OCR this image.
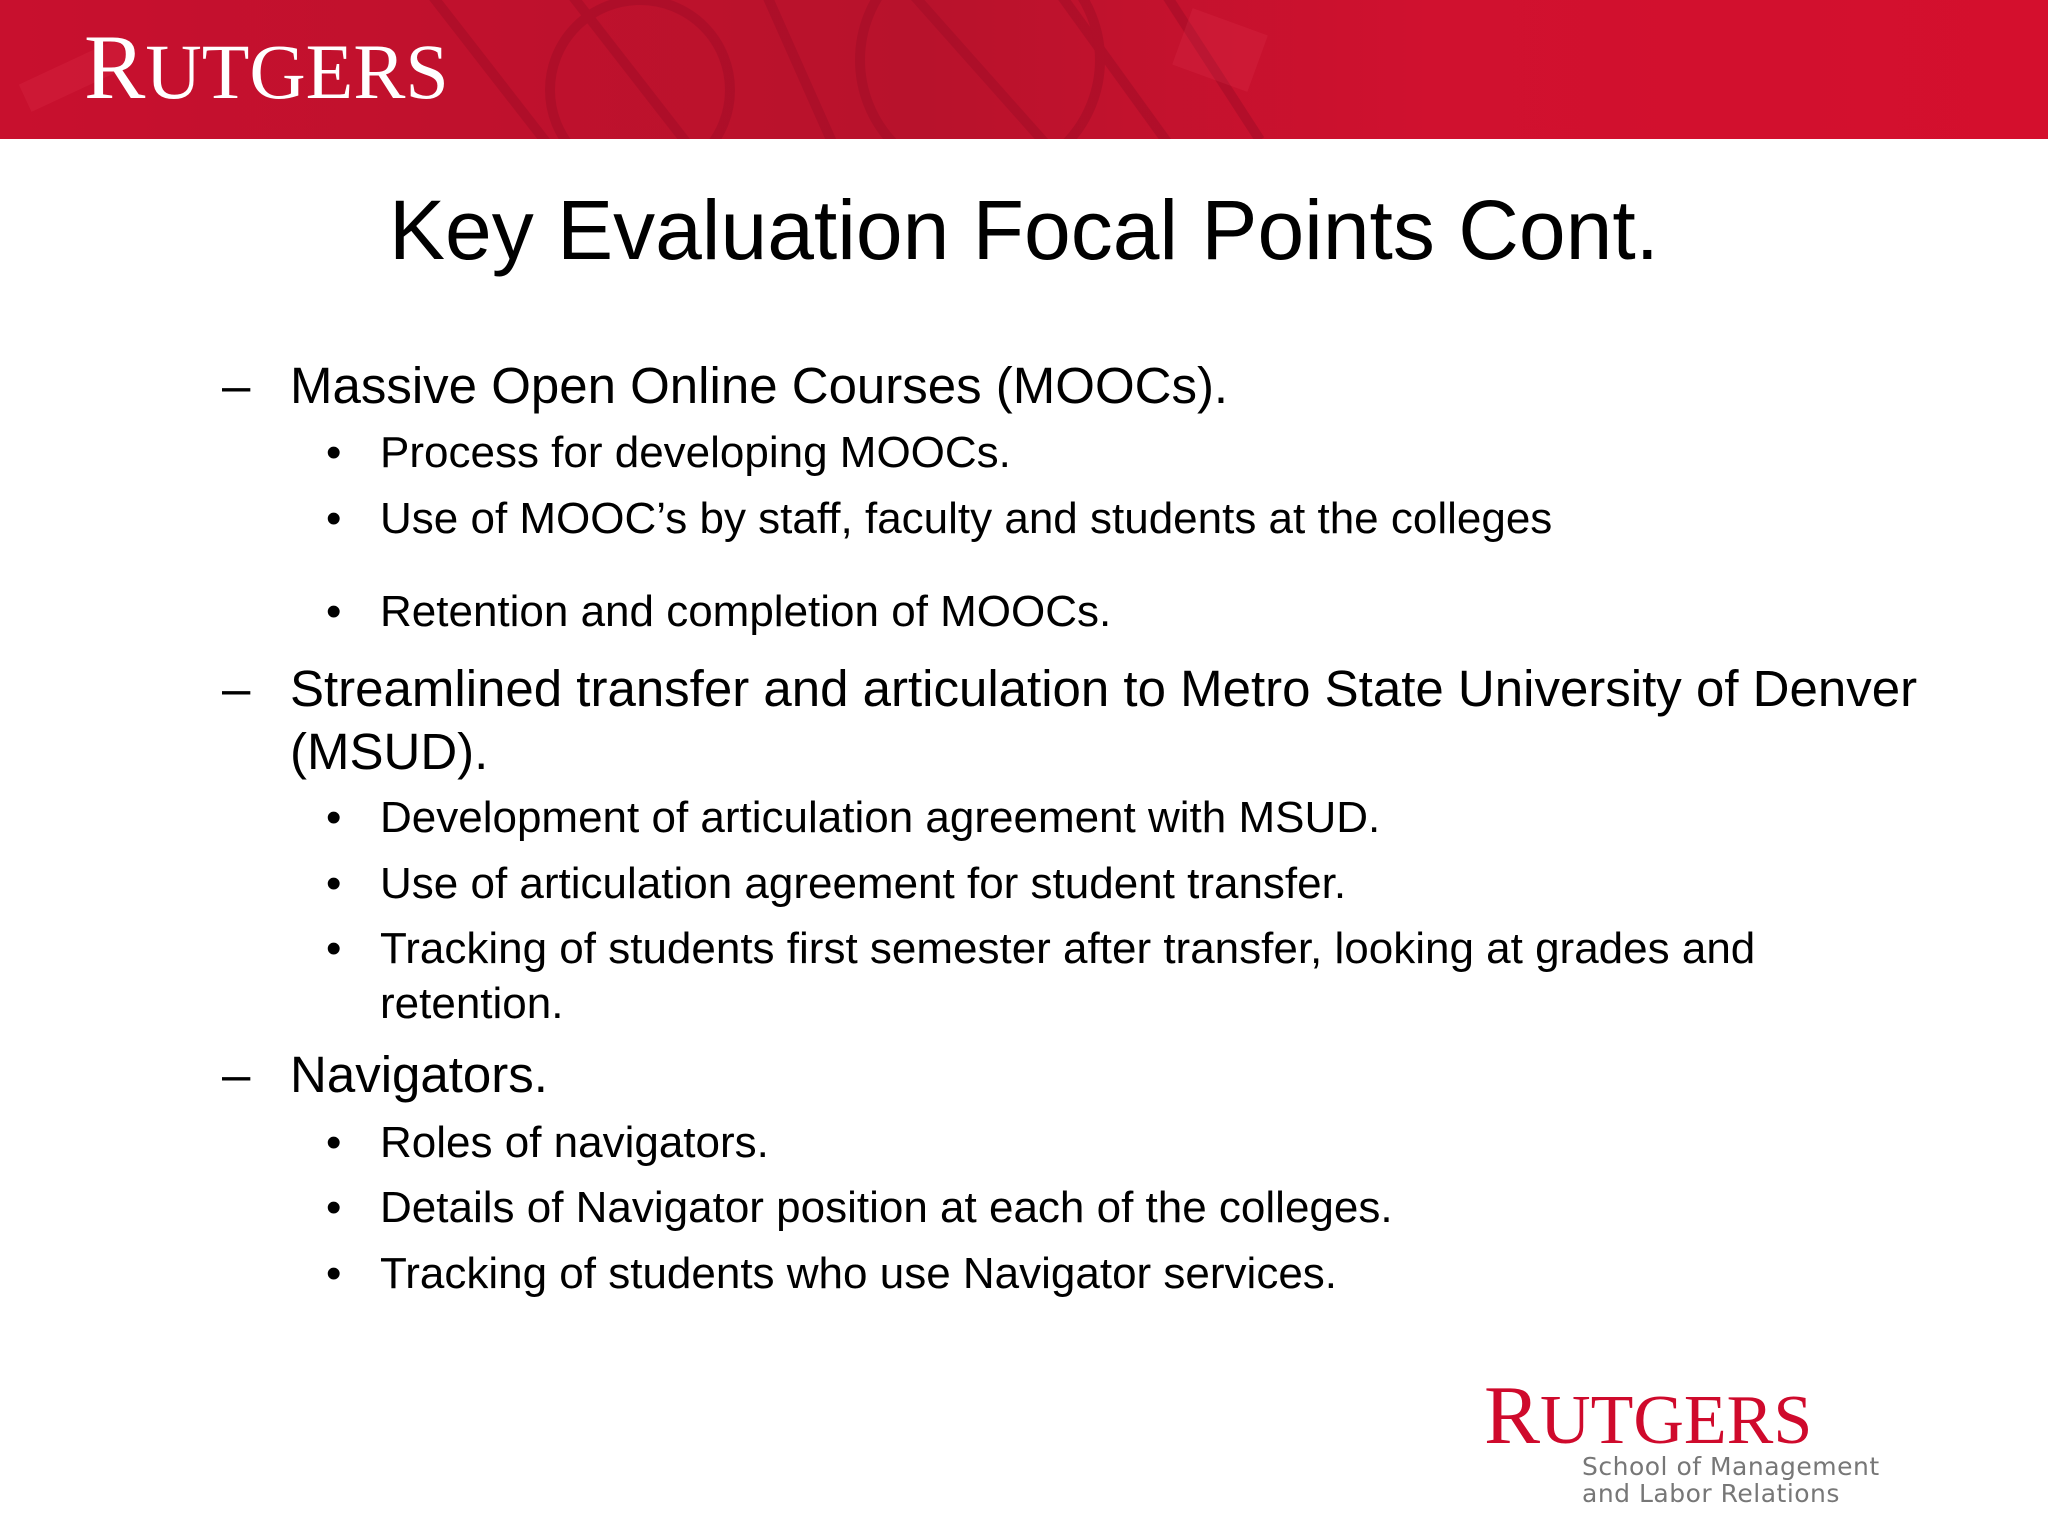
RUTGERS
Key Evaluation Focal Points Cont.
– Massive Open Online Courses (MOOCs).
• Process for developing MOOCs.
• Use of MOOC’s by staff, faculty and students at the colleges
• Retention and completion of MOOCs.
– Streamlined transfer and articulation to Metro State University of Denver (MSUD).
• Development of articulation agreement with MSUD.
• Use of articulation agreement for student transfer.
• Tracking of students first semester after transfer, looking at grades and retention.
– Navigators.
• Roles of navigators.
• Details of Navigator position at each of the colleges.
• Tracking of students who use Navigator services.
RUTGERS
School of Management
and Labor Relations
